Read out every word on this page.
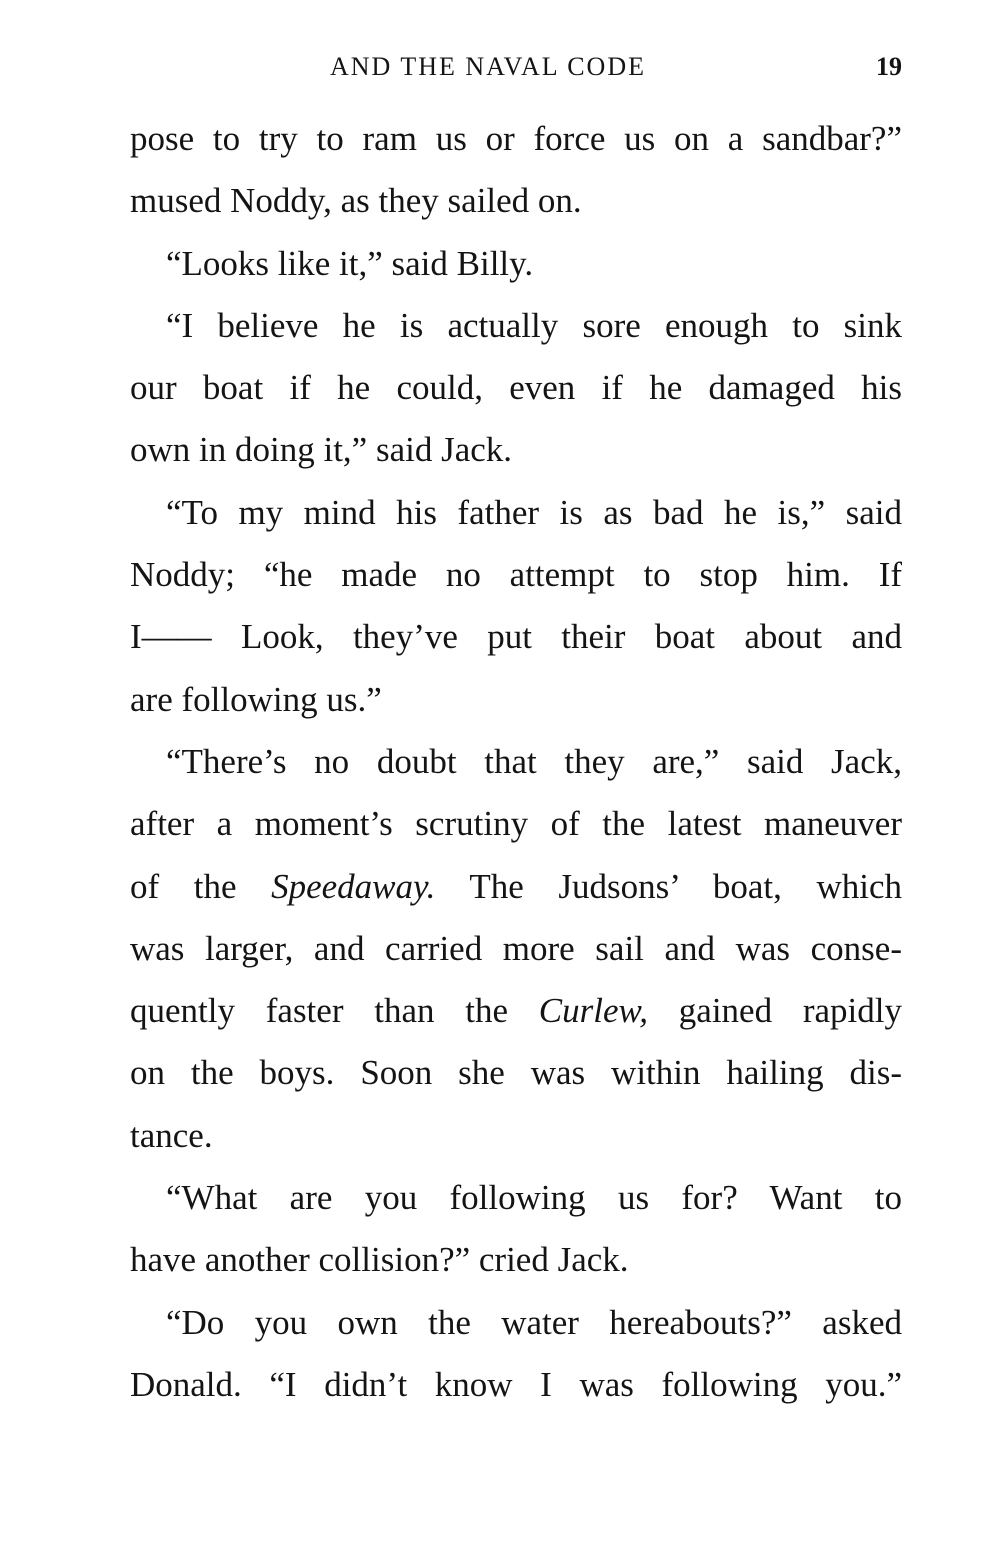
AND THE NAVAL CODE	19
pose to try to ram us or force us on a sandbar?”
mused Noddy, as they sailed on.
“Looks like it,” said Billy.
“I believe he is actually sore enough to sink
our boat if he could, even if he damaged his
own in doing it,” said Jack.
“To my mind his father is as bad he is,” said
Noddy; “he made no attempt to stop him. If
I—— Look, they’ve put their boat about and
are following us.”
“There’s no doubt that they are,” said Jack,
after a moment’s scrutiny of the latest maneuver
of the Speedaway. The Judsons’ boat, which
was larger, and carried more sail and was conse-
quently faster than the Curlew, gained rapidly
on the boys. Soon she was within hailing dis-
tance.
“What are you following us for? Want to
have another collision?” cried Jack.
“Do you own the water hereabouts?” asked
Donald. “I didn’t know I was following you.”
